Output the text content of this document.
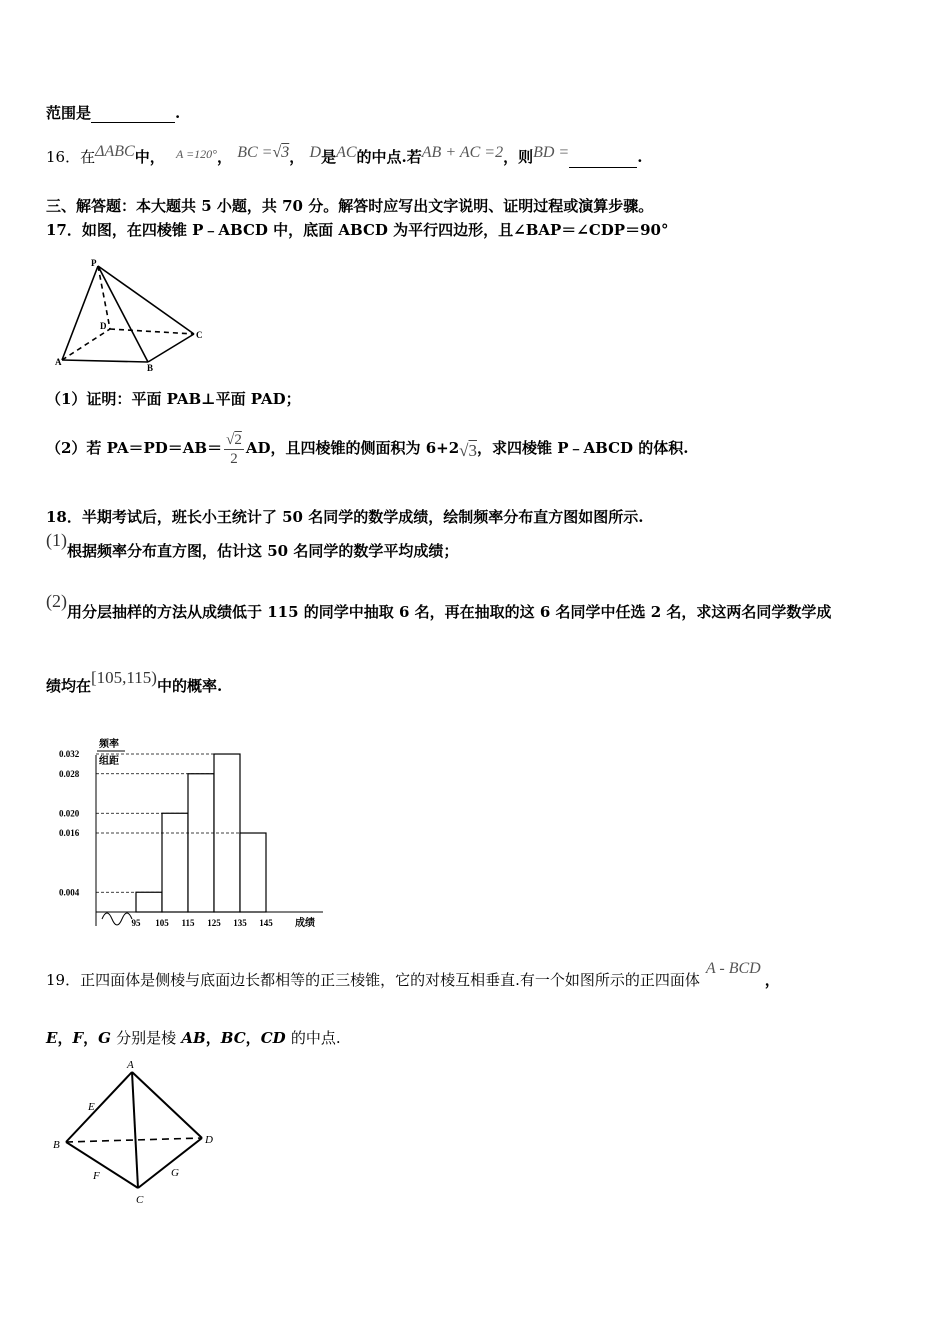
范围是	.
16．在ΔABC中， $^{A =120^\circ}$， BC =√3， D是AC的中点.若AB + AC =2，则BD =	.
三、解答题：本大题共 5 小题，共 70 分。解答时应写出文字说明、证明过程或演算步骤。
17．如图，在四棱锥 P﹣ABCD 中，底面 ABCD 为平行四边形，且∠BAP＝∠CDP＝90°
P
A
B
C
D
（1）证明：平面 PAB⊥平面 PAD；
（2）若 $PA=PD=AB= \frac{√2}{2}$ AD，且四棱锥的侧面积为 6+2√3，求四棱锥 P﹣ABCD 的体积.
18．半期考试后，班长小王统计了 50 名同学的数学成绩，绘制频率分布直方图如图所示.
(1)根据频率分布直方图，估计这 50 名同学的数学平均成绩；
(2)用分层抽样的方法从成绩低于 115 的同学中抽取 6 名，再在抽取的这 6 名同学中任选 2 名，求这两名同学数学成
绩均在[105,115)中的概率.
频率
组距
成绩
0.032
0.028
0.020
0.016
0.004
95 105 115 125 135 145
19．正四面体是侧棱与底面边长都相等的正三棱锥，它的对棱互相垂直.有一个如图所示的正四面体A - BCD，
E，F，G 分别是棱 AB，BC，CD 的中点.
A
B
C
D
E
F	G
